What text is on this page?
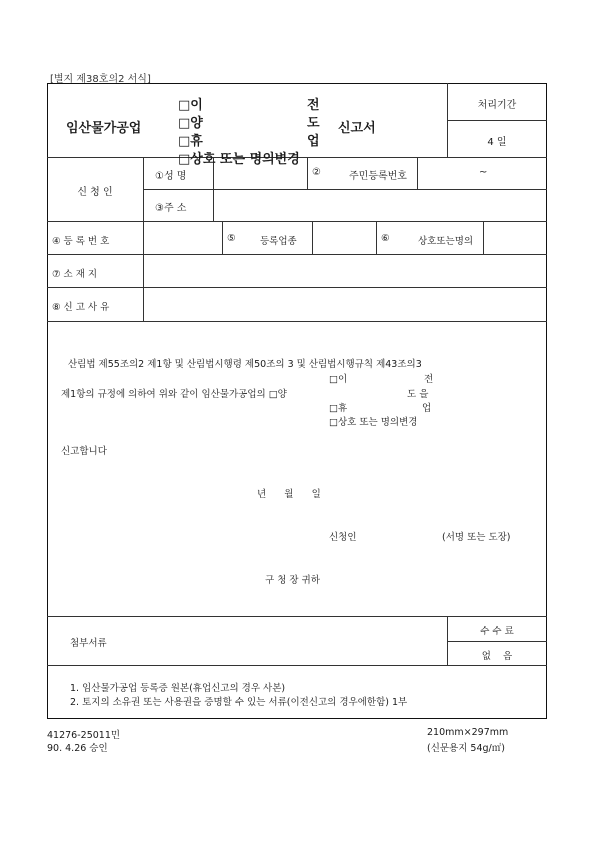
[별지 제38호의2 서식]
임산물가공업
□이
□양
□휴
□상호 또는 명의변경
전
도
업
신고서
처리기간
4 일
신 청 인
①성 명	②	주민등록번호	~
③주 소
④ 등 록 번 호	⑤	등록업종	⑥	상호또는명의
⑦ 소 재 지
⑧ 신 고 사 유
산림법 제55조의2 제1항 및 산림법시행령 제50조의 3 및 산림법시행규칙 제43조의3
□이	전
제1항의 규정에 의하여 위와 같이 임산물가공업의 □양	도 을
□휴	업
□상호 또는 명의변경
신고합니다
년      월      일
신청인	(서명 또는 도장)
구 청 장 귀하
첨부서류
수 수 료
없    음
1. 임산물가공업 등록증 원본(휴업신고의 경우 사본)
2. 토지의 소유권 또는 사용권을 증명할 수 있는 서류(이전신고의 경우에한함) 1부
41276-25011민
90. 4.26 승인
210mm×297mm
(신문용지 54g/㎡)
